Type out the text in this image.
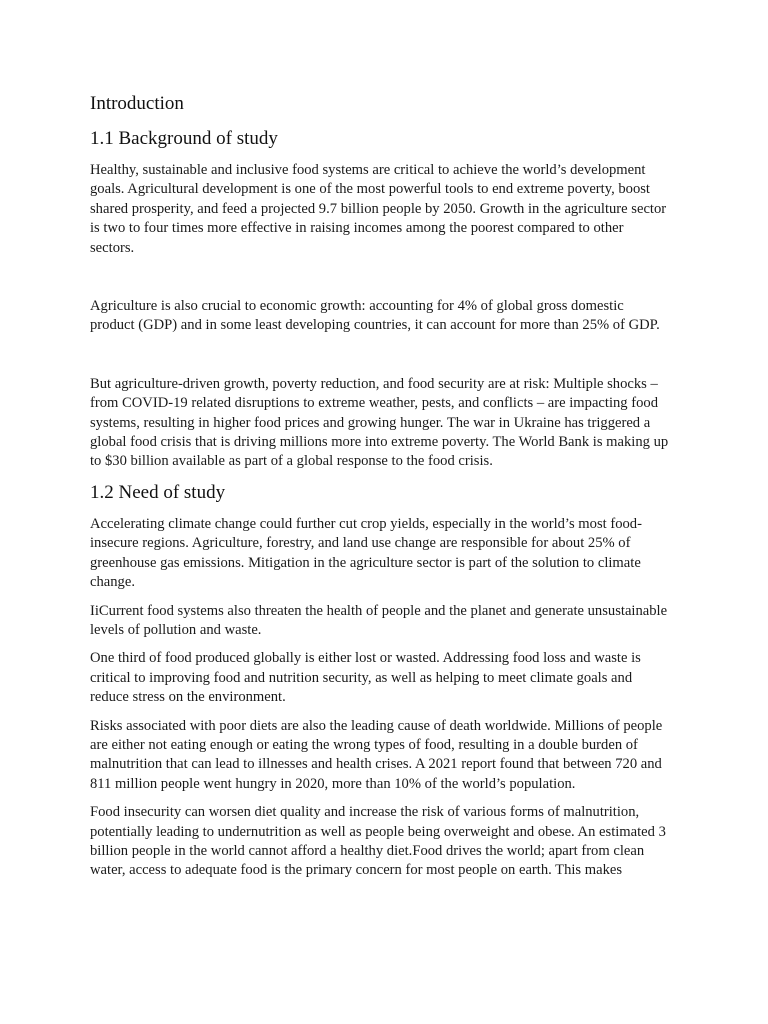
Introduction
1.1 Background of study

Healthy, sustainable and inclusive food systems are critical to achieve the world’s development goals. Agricultural development is one of the most powerful tools to end extreme poverty, boost shared prosperity, and feed a projected 9.7 billion people by 2050. Growth in the agriculture sector is two to four times more effective in raising incomes among the poorest compared to other sectors.

Agriculture is also crucial to economic growth: accounting for 4% of global gross domestic product (GDP) and in some least developing countries, it can account for more than 25% of GDP.

But agriculture-driven growth, poverty reduction, and food security are at risk: Multiple shocks – from COVID-19 related disruptions to extreme weather, pests, and conflicts – are impacting food systems, resulting in higher food prices and growing hunger. The war in Ukraine has triggered a global food crisis that is driving millions more into extreme poverty. The World Bank is making up to $30 billion available as part of a global response to the food crisis.

1.2 Need of study

Accelerating climate change could further cut crop yields, especially in the world’s most food-insecure regions. Agriculture, forestry, and land use change are responsible for about 25% of greenhouse gas emissions. Mitigation in the agriculture sector is part of the solution to climate change.

IiCurrent food systems also threaten the health of people and the planet and generate unsustainable levels of pollution and waste.

One third of food produced globally is either lost or wasted. Addressing food loss and waste is critical to improving food and nutrition security, as well as helping to meet climate goals and reduce stress on the environment.

Risks associated with poor diets are also the leading cause of death worldwide. Millions of people are either not eating enough or eating the wrong types of food, resulting in a double burden of malnutrition that can lead to illnesses and health crises. A 2021 report found that between 720 and 811 million people went hungry in 2020, more than 10% of the world’s population.

Food insecurity can worsen diet quality and increase the risk of various forms of malnutrition, potentially leading to undernutrition as well as people being overweight and obese. An estimated 3 billion people in the world cannot afford a healthy diet.Food drives the world; apart from clean water, access to adequate food is the primary concern for most people on earth. This makes
